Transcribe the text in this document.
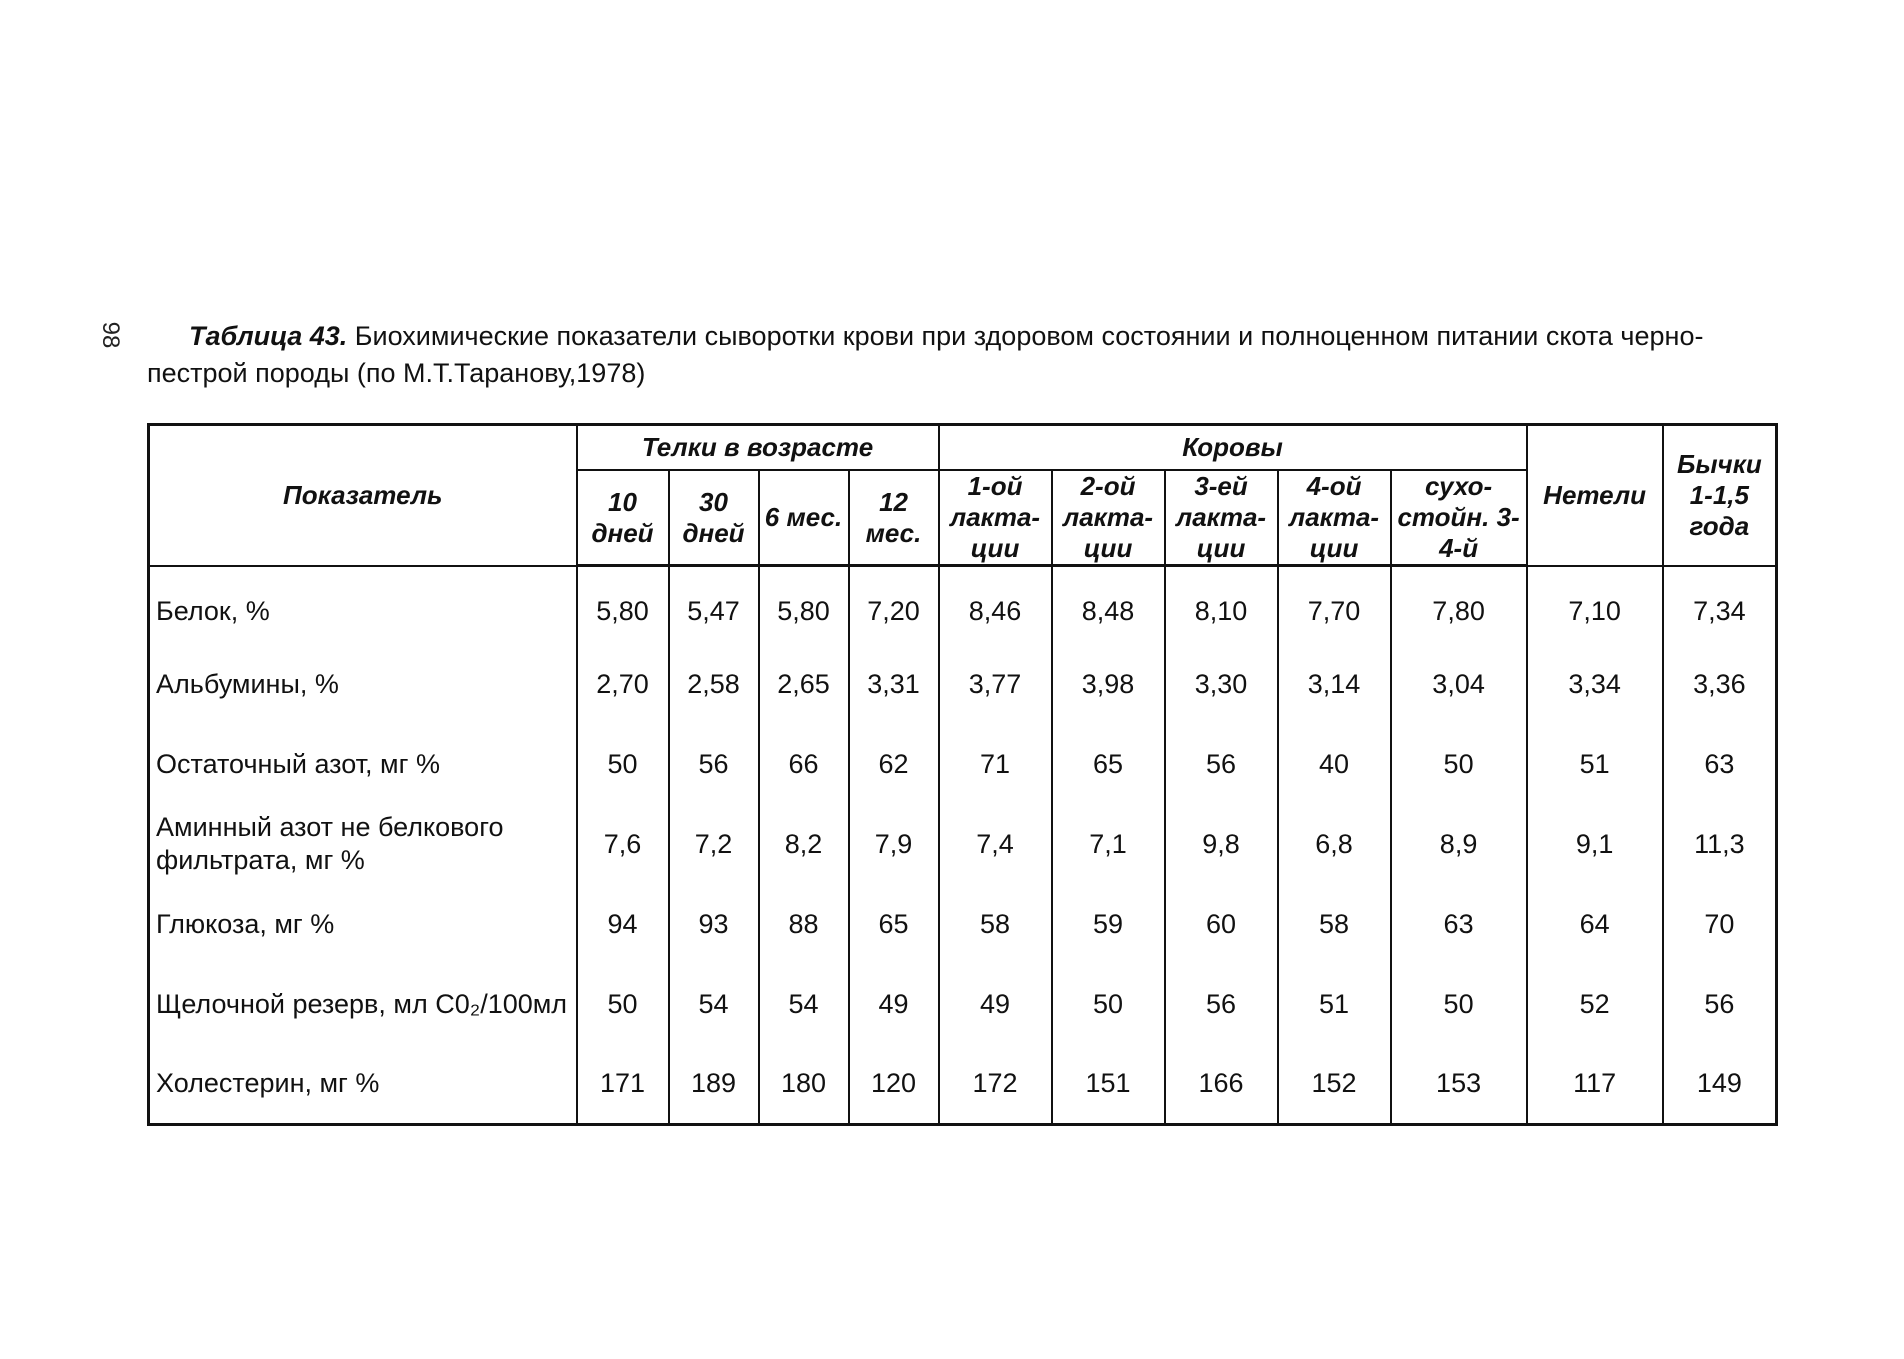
98	Таблица 43. Биохимические показатели сыворотки крови при здоровом состоянии и полноценном питании скота черно-пестрой породы (по М.Т.Таранову,1978)
Показатель	Телки в возрасте				Коровы					Нетели	Бычки 1-1,5 года
	10 дней	30 дней	6 мес.	12 мес.	1-ой лакта-ции	2-ой лакта-ции	3-ей лакта-ции	4-ой лакта-ции	сухо-стойн. 3-4-й		
Белок, %	5,80	5,47	5,80	7,20	8,46	8,48	8,10	7,70	7,80	7,10	7,34
Альбумины, %	2,70	2,58	2,65	3,31	3,77	3,98	3,30	3,14	3,04	3,34	3,36
Остаточный азот, мг %	50	56	66	62	71	65	56	40	50	51	63
Аминный азот не белкового фильтрата, мг %	7,6	7,2	8,2	7,9	7,4	7,1	9,8	6,8	8,9	9,1	11,3
Глюкоза, мг %	94	93	88	65	58	59	60	58	63	64	70
Щелочной резерв, мл С0₂/100мл	50	54	54	49	49	50	56	51	50	52	56
Холестерин, мг %	171	189	180	120	172	151	166	152	153	117	149
